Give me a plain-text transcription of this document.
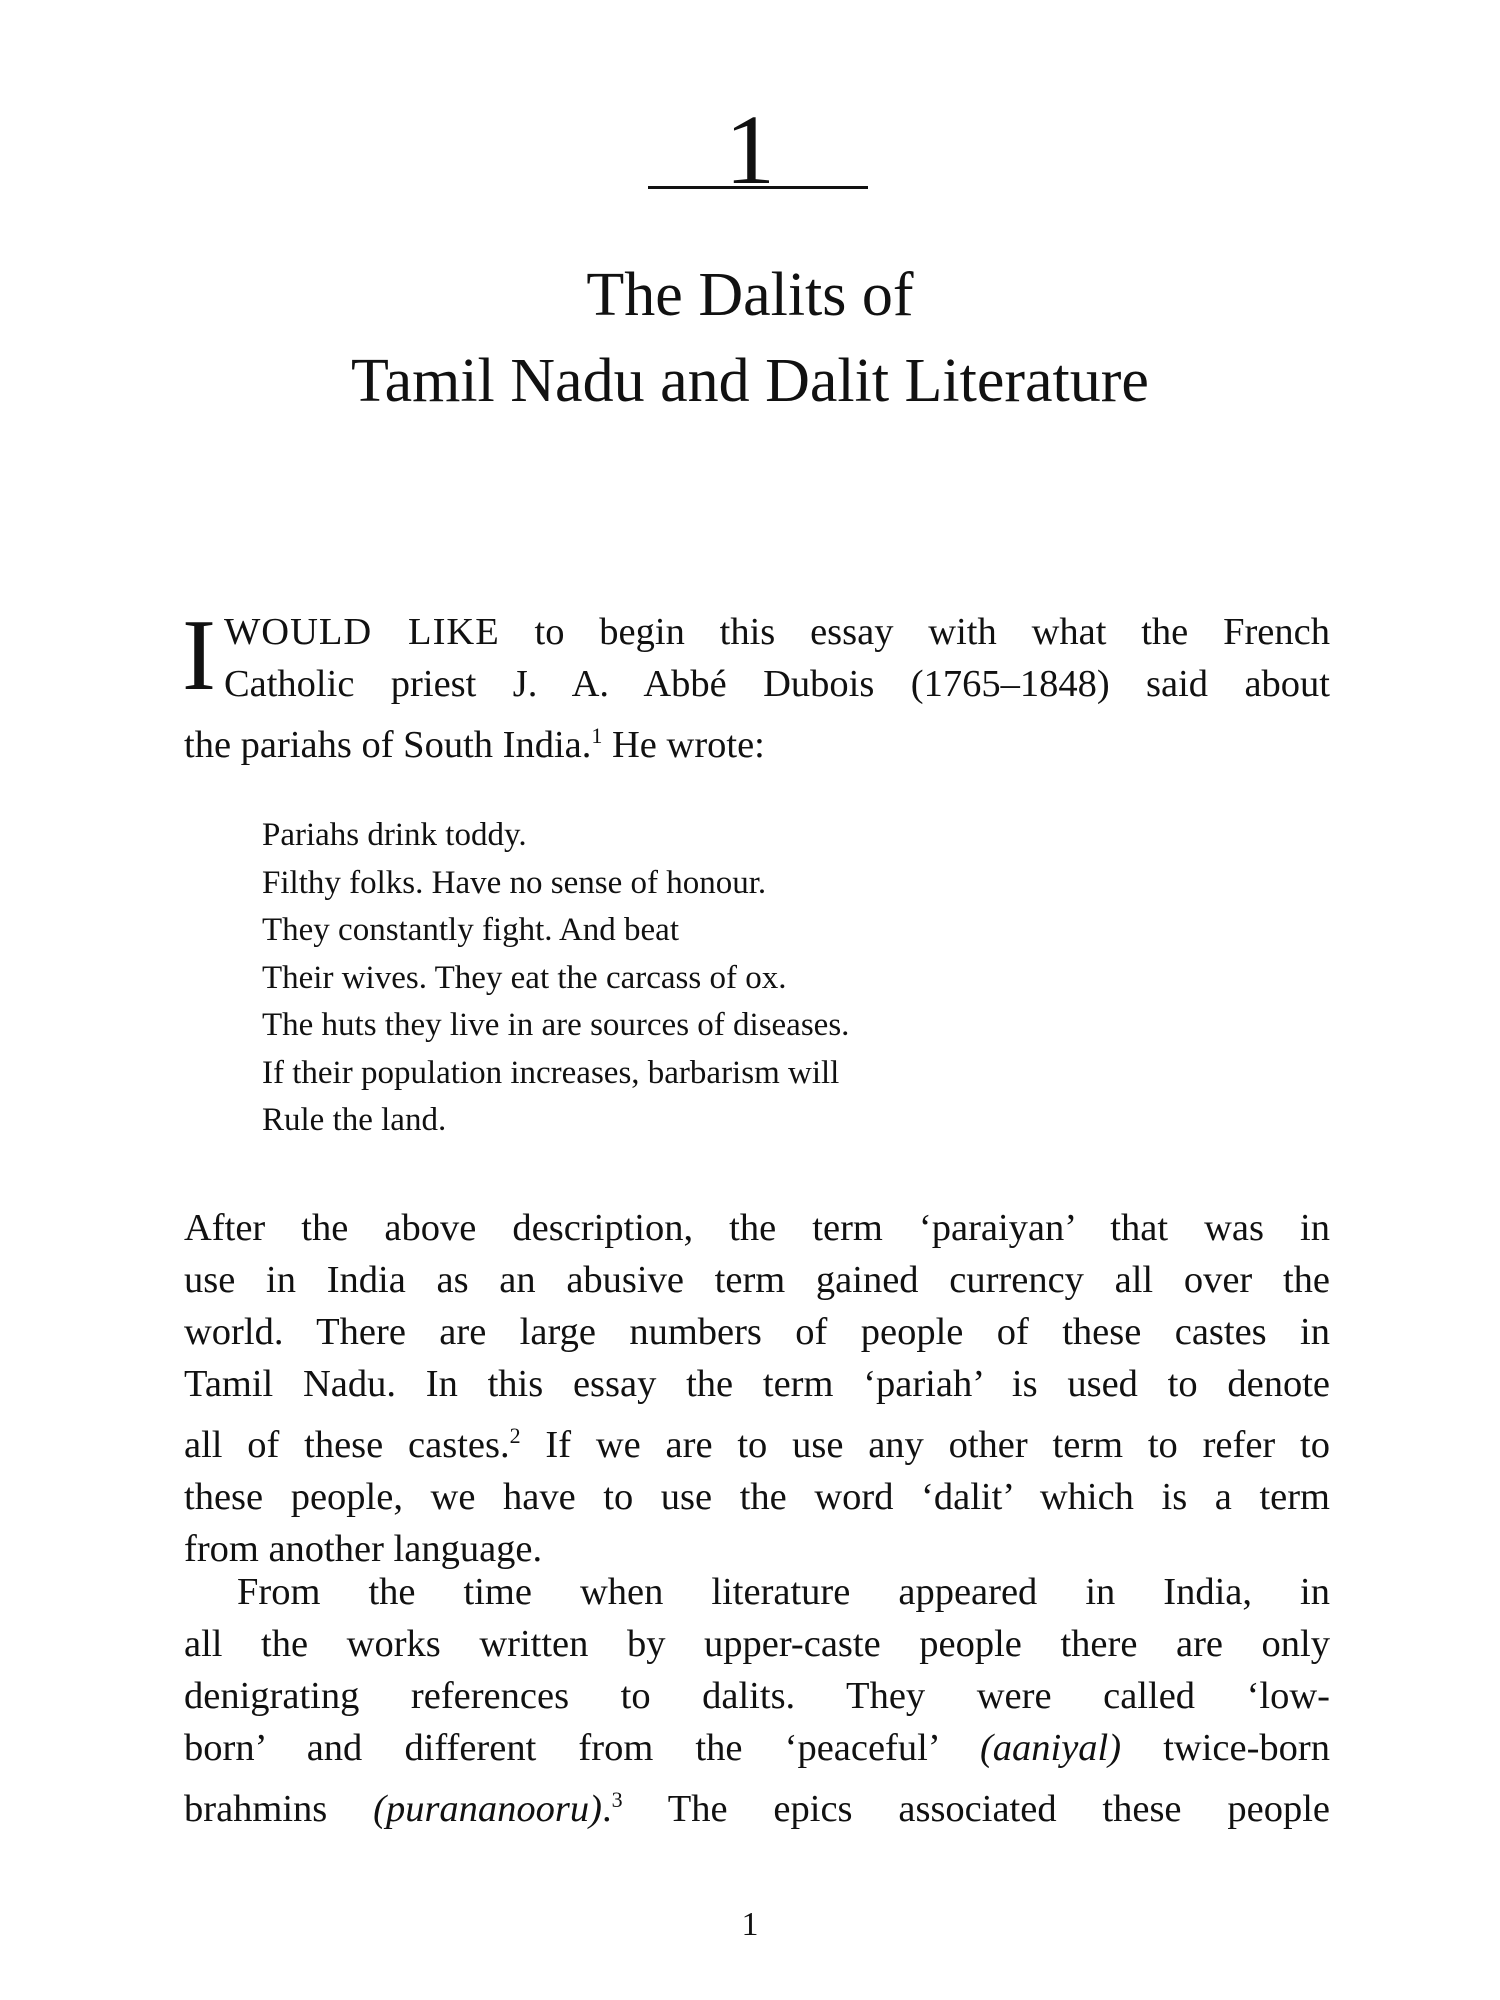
1
The Dalits of
Tamil Nadu and Dalit Literature
I WOULD LIKE to begin this essay with what the French
Catholic priest J. A. Abbé Dubois (1765–1848) said about
the pariahs of South India.$^1$ He wrote:
Pariahs drink toddy.
Filthy folks. Have no sense of honour.
They constantly fight. And beat
Their wives. They eat the carcass of ox.
The huts they live in are sources of diseases.
If their population increases, barbarism will
Rule the land.
After the above description, the term ‘paraiyan’ that was in
use in India as an abusive term gained currency all over the
world. There are large numbers of people of these castes in
Tamil Nadu. In this essay the term ‘pariah’ is used to denote
all of these castes.$^2$ If we are to use any other term to refer to
these people, we have to use the word ‘dalit’ which is a term
from another language.
From the time when literature appeared in India, in
all the works written by upper-caste people there are only
denigrating references to dalits. They were called ‘low-
born’ and different from the ‘peaceful’ (aaniyal) twice-born
brahmins (purananooru).$^3$ The epics associated these people
1
